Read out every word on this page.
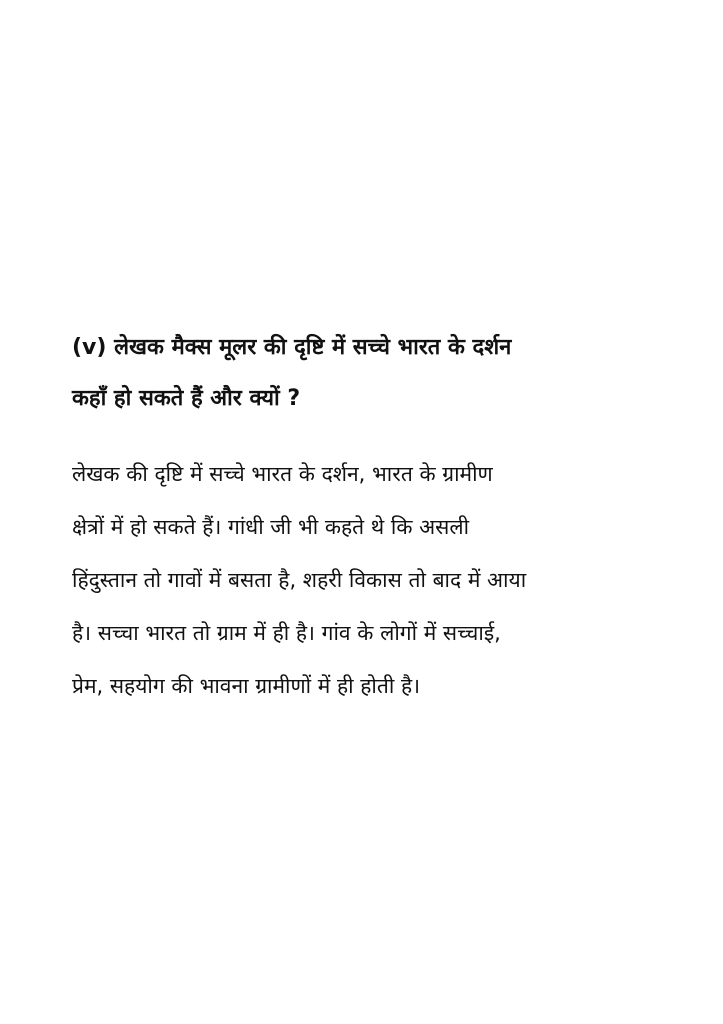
(v) लेखक मैक्स मूलर की दृष्टि में सच्चे भारत के दर्शन
कहाँ हो सकते हैं और क्यों ?
लेखक की दृष्टि में सच्चे भारत के दर्शन, भारत के ग्रामीण
क्षेत्रों में हो सकते हैं। गांधी जी भी कहते थे कि असली
हिंदुस्तान तो गावों में बसता है, शहरी विकास तो बाद में आया
है। सच्चा भारत तो ग्राम में ही है। गांव के लोगों में सच्चाई,
प्रेम, सहयोग की भावना ग्रामीणों में ही होती है।
